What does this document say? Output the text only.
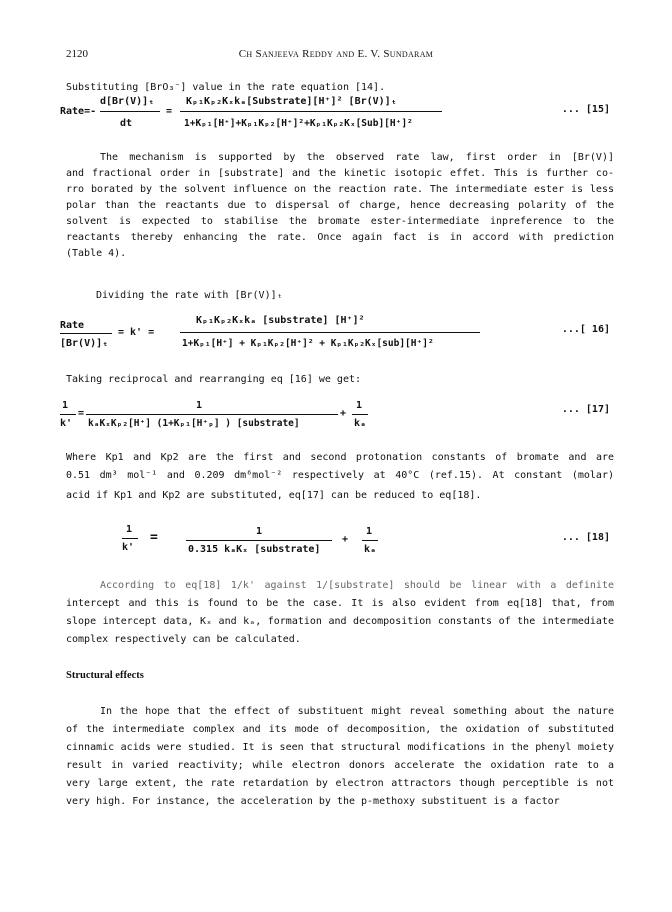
2120	Ch Sanjeeva Reddy and E. V. Sundaram
Substituting [BrO₃⁻] value in the rate equation [14].
Rate=-
d[Br(V)]ₜ
dt
=
Kₚ₁Kₚ₂Kₓkₐ[Substrate][H⁺]² [Br(V)]ₜ
1+Kₚ₁[H⁺]+Kₚ₁Kₚ₂[H⁺]²+Kₚ₁Kₚ₂Kₓ[Sub][H⁺]²
... [15]
The mechanism is supported by the observed rate law, first order in [Br(V)]
and fractional order in [substrate] and the kinetic isotopic effet. This is further co-
rro borated by the solvent influence on the reaction rate. The intermediate ester is less
polar than the reactants due to dispersal of charge, hence decreasing polarity of the
solvent is expected to stabilise the bromate ester-intermediate inpreference to the
reactants thereby enhancing the rate. Once again fact is in accord with prediction
(Table 4).
Dividing the rate with [Br(V)]ₜ
Rate
[Br(V)]ₜ
= k' =
Kₚ₁Kₚ₂Kₓkₐ [substrate] [H⁺]²
1+Kₚ₁[H⁺] + Kₚ₁Kₚ₂[H⁺]² + Kₚ₁Kₚ₂Kₓ[sub][H⁺]²
...[ 16]
Taking reciprocal and rearranging eq [16] we get:
1
k'
=
1
kₐKₓKₚ₂[H⁺] (1+Kₚ₁[H⁺ₚ] ) [substrate]
+
1
kₐ
... [17]
Where Kp1 and Kp2 are the first and second protonation constants of bromate and are
0.51 dm³ mol⁻¹ and 0.209 dm⁶mol⁻² respectively at 40°C (ref.15). At constant (molar)
acid if Kp1 and Kp2 are substituted, eq[17] can be reduced to eq[18].
1
k'
=	1
0.315 kₐKₓ [substrate]
+
1
kₐ
... [18]
According to eq[18] 1/k' against 1/[substrate] should be linear with a definite
intercept and this is found to be the case. It is also evident from eq[18] that, from
slope intercept data, Kₓ and kₐ, formation and decomposition constants of the intermediate
complex respectively can be calculated.
Structural effects
In the hope that the effect of substituent might reveal something about the nature
of the intermediate complex and its mode of decomposition, the oxidation of substituted
cinnamic acids were studied. It is seen that structural modifications in the phenyl moiety
result in varied reactivity; while electron donors accelerate the oxidation rate to a
very large extent, the rate retardation by electron attractors though perceptible is not
very high. For instance, the acceleration by the p-methoxy substituent is a factor
